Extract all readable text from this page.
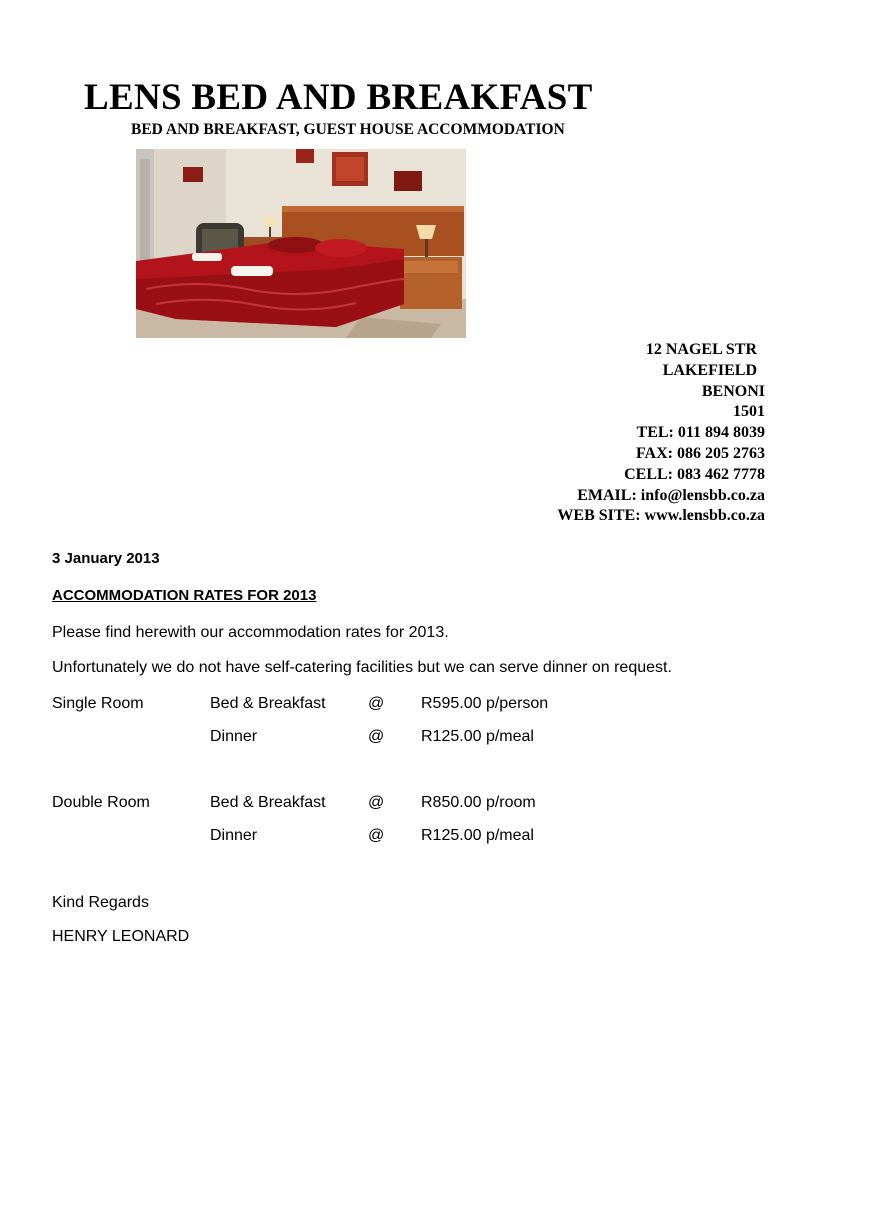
LENS BED AND BREAKFAST
BED AND BREAKFAST, GUEST HOUSE ACCOMMODATION
12 NAGEL STR
LAKEFIELD
BENONI
1501
TEL: 011 894 8039
FAX: 086 205 2763
CELL: 083 462 7778
EMAIL: info@lensbb.co.za
WEB SITE: www.lensbb.co.za
3 January 2013
ACCOMMODATION RATES FOR 2013
Please find herewith our accommodation rates for 2013.
Unfortunately we do not have self-catering facilities but we can serve dinner on request.
Single Room	Bed & Breakfast	@ R595.00 p/person
Dinner	@ R125.00 p/meal
Double Room	Bed & Breakfast	@ R850.00 p/room
Dinner	@ R125.00 p/meal
Kind Regards
HENRY LEONARD
